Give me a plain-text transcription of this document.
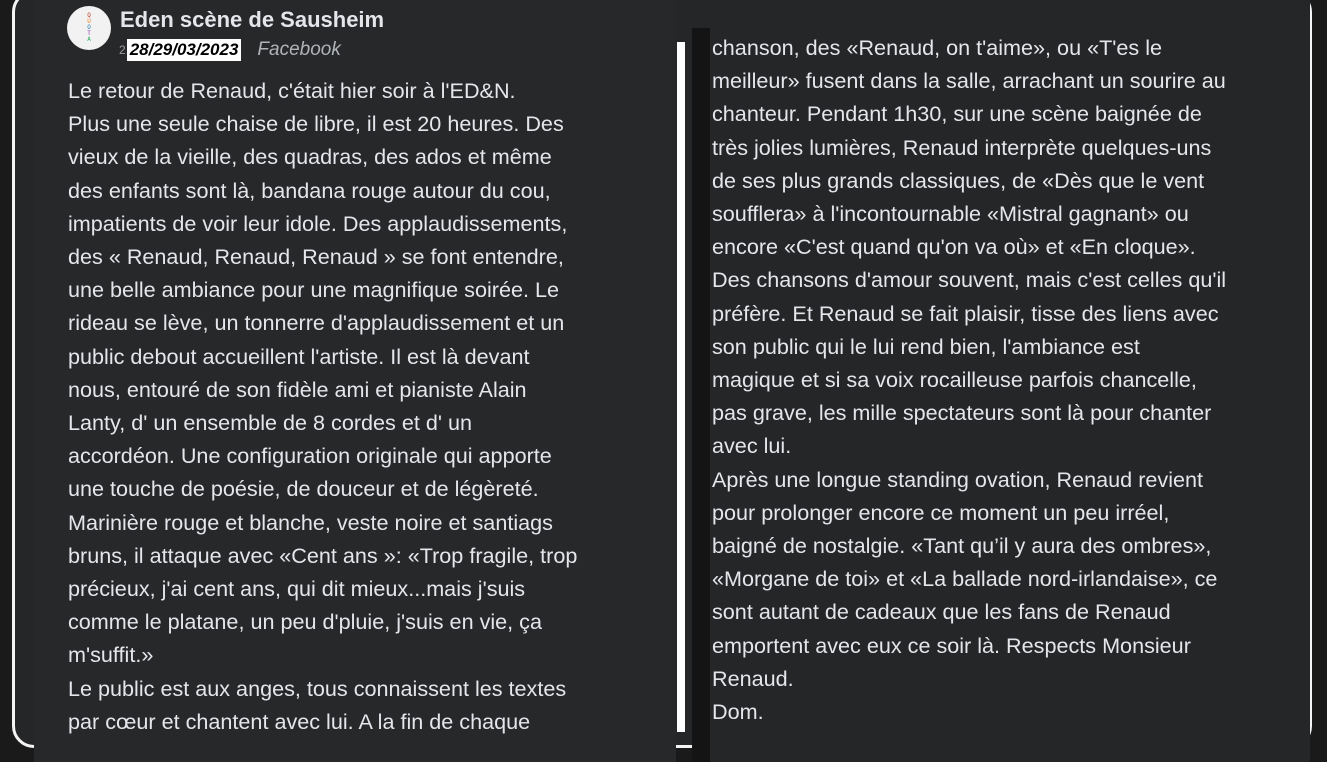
Q
U
O
T
A
Eden scène de Sausheim
2 28/29/03/2023 Facebook
Le retour de Renaud, c'était hier soir à l'ED&N.
Plus une seule chaise de libre, il est 20 heures. Des
vieux de la vieille, des quadras, des ados et même
des enfants sont là, bandana rouge autour du cou,
impatients de voir leur idole. Des applaudissements,
des « Renaud, Renaud, Renaud » se font entendre,
une belle ambiance pour une magnifique soirée. Le
rideau se lève, un tonnerre d'applaudissement et un
public debout accueillent l'artiste. Il est là devant
nous, entouré de son fidèle ami et pianiste Alain
Lanty, d' un ensemble de 8 cordes et d' un
accordéon. Une configuration originale qui apporte
une touche de poésie, de douceur et de légèreté.
Marinière rouge et blanche, veste noire et santiags
bruns, il attaque avec «Cent ans »: «Trop fragile, trop
précieux, j'ai cent ans, qui dit mieux...mais j'suis
comme le platane, un peu d'pluie, j'suis en vie, ça
m'suffit.»
Le public est aux anges, tous connaissent les textes
par cœur et chantent avec lui. A la fin de chaque
chanson, des «Renaud, on t'aime», ou «T'es le
meilleur» fusent dans la salle, arrachant un sourire au
chanteur. Pendant 1h30, sur une scène baignée de
très jolies lumières, Renaud interprète quelques-uns
de ses plus grands classiques, de «Dès que le vent
soufflera» à l'incontournable «Mistral gagnant» ou
encore «C'est quand qu'on va où» et «En cloque».
Des chansons d'amour souvent, mais c'est celles qu'il
préfère. Et Renaud se fait plaisir, tisse des liens avec
son public qui le lui rend bien, l'ambiance est
magique et si sa voix rocailleuse parfois chancelle,
pas grave, les mille spectateurs sont là pour chanter
avec lui.
Après une longue standing ovation, Renaud revient
pour prolonger encore ce moment un peu irréel,
baigné de nostalgie. «Tant qu’il y aura des ombres»,
«Morgane de toi» et «La ballade nord-irlandaise», ce
sont autant de cadeaux que les fans de Renaud
emportent avec eux ce soir là. Respects Monsieur
Renaud.
Dom.
